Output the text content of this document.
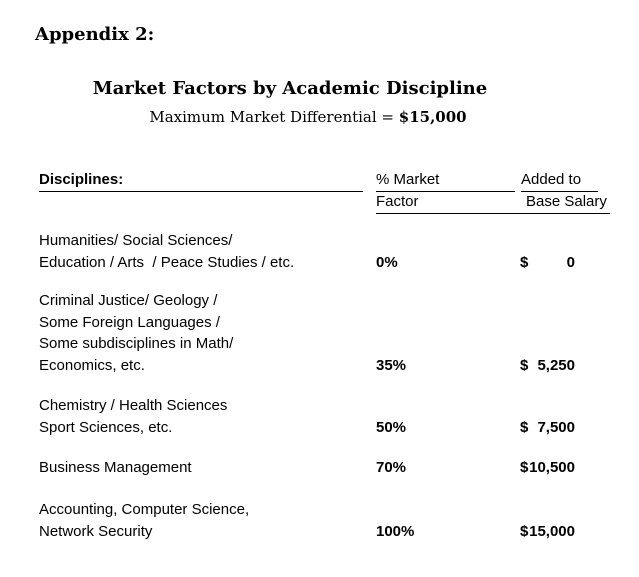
Appendix 2:
Market Factors by Academic Discipline
Maximum Market Differential = $15,000
Disciplines:	% Market	Added to
Factor	Base Salary
Humanities/ Social Sciences/
Education / Arts  / Peace Studies / etc.	0%	$	0
Criminal Justice/ Geology /
Some Foreign Languages /
Some subdisciplines in Math/
Economics, etc.	35%	$ 5,250
Chemistry / Health Sciences
Sport Sciences, etc.	50%	$ 7,500
Business Management	70%	$ 10,500
Accounting, Computer Science,
Network Security	100%	$ 15,000
